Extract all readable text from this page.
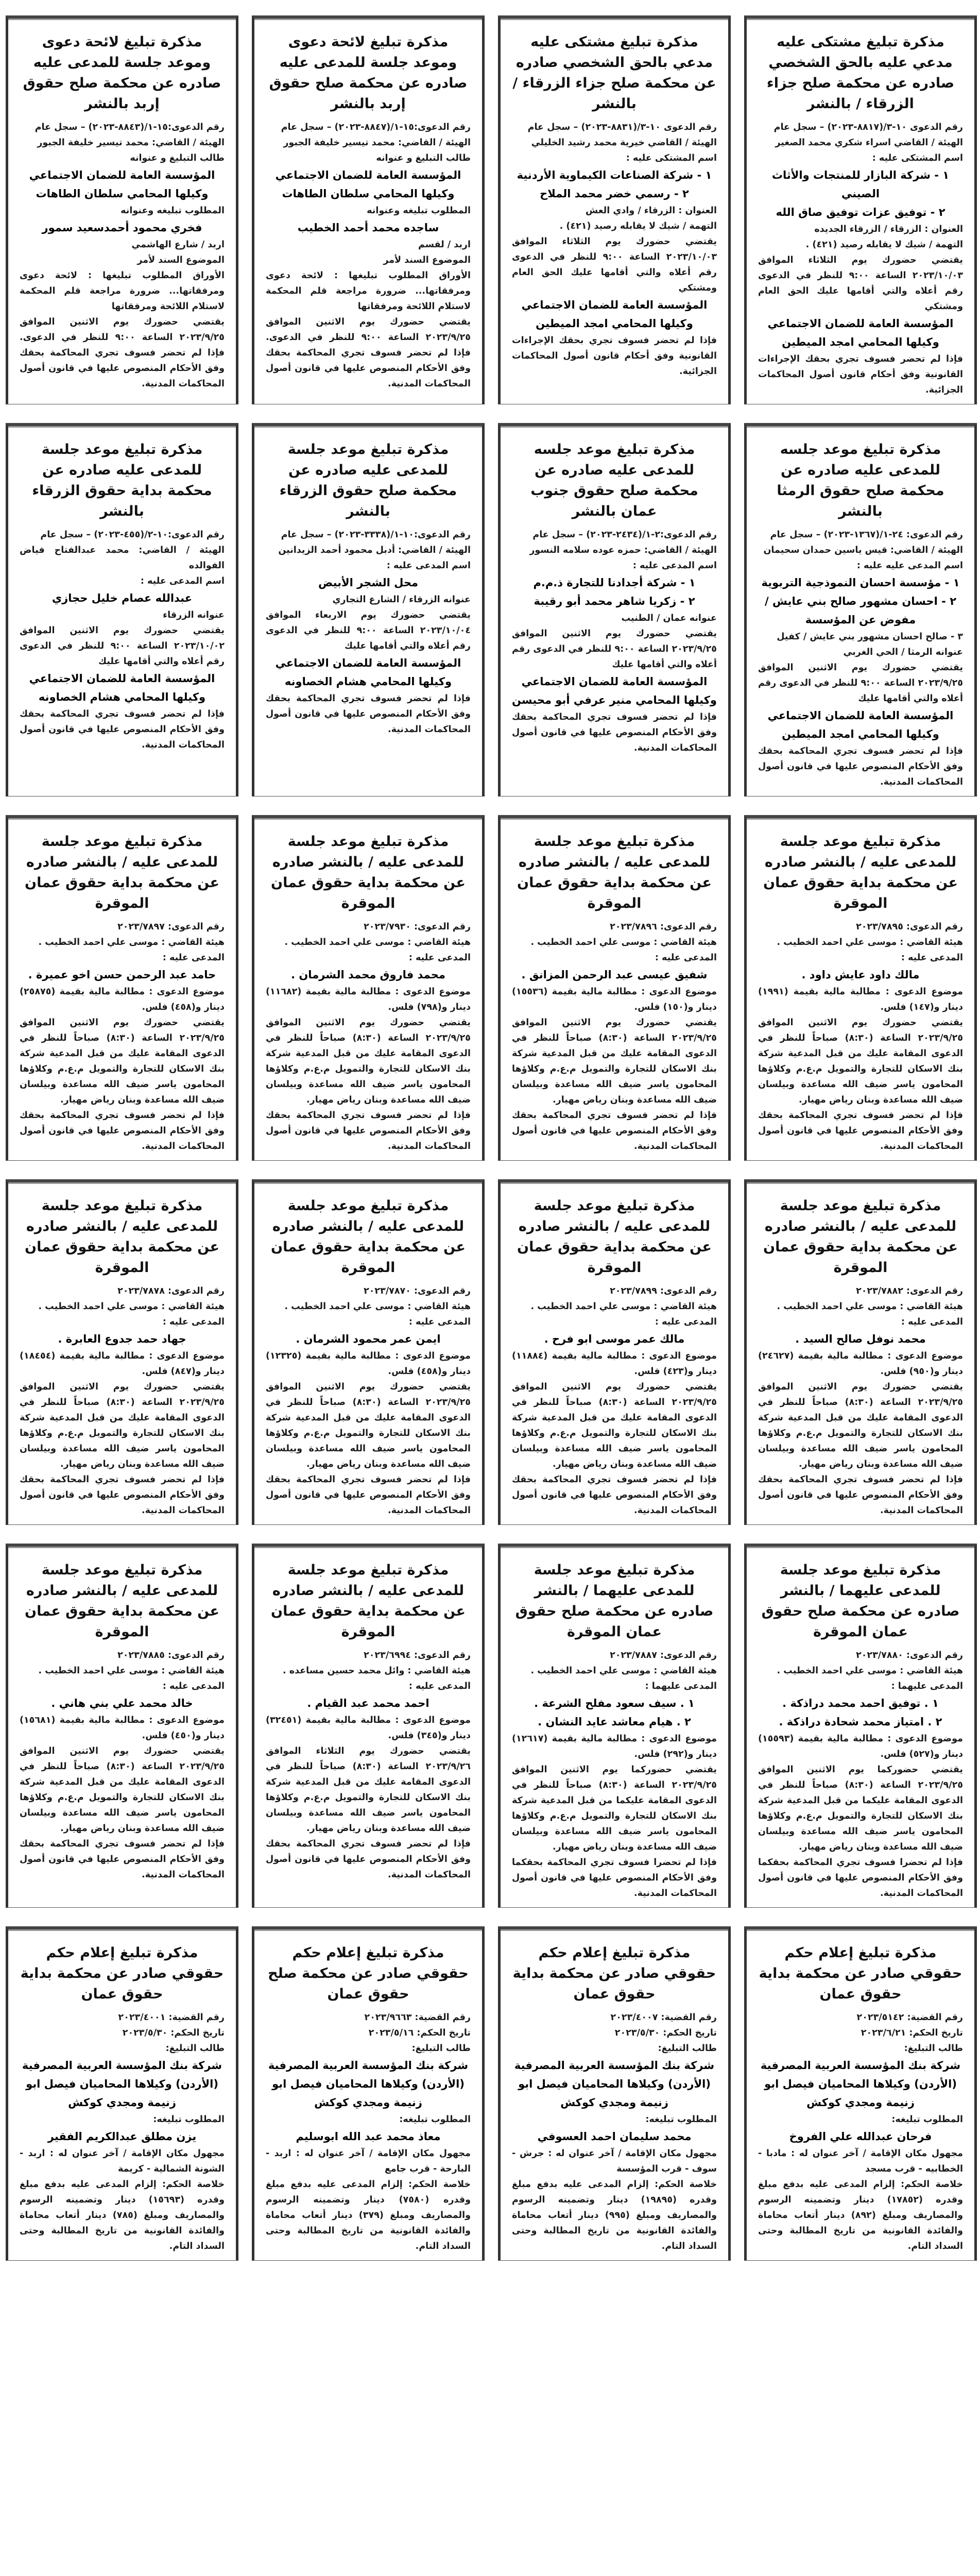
مذكرة تبليغ مشتكى عليه مدعي عليه بالحق الشخصي صادره عن محكمة صلح جزاء الزرقاء / بالنشر
رقم الدعوى ١٠-٣/(٨٨١٧-٢٠٢٣) – سجل عام
الهيئة / القاضي اسراء شكري محمد الصغير
اسم المشتكى عليه :
١ - شركة البازار للمنتجات والأثاث الصيني
٢ - توفيق عزات توفيق صاق الله
العنوان : الزرقاء / الزرقاء الجديده
التهمة / شيك لا يقابله رصيد (٤٢١) .
يقتضي حضورك يوم الثلاثاء الموافق ٢٠٢٣/١٠/٠٣ الساعة ٩:٠٠ للنظر في الدعوى رقم أعلاه والتي أقامها عليك الحق العام ومشتكي
المؤسسة العامة للضمان الاجتماعي وكيلها المحامي امجد الميطين
فإذا لم تحضر فسوف تجري بحقك الإجراءات القانونية وفق أحكام قانون أصول المحاكمات الجزائية.
مذكرة تبليغ مشتكى عليه مدعي بالحق الشخصي صادره عن محكمة صلح جزاء الزرقاء / بالنشر
رقم الدعوى ١٠-٣/(٨٨٣١-٢٠٢٣) – سجل عام
الهيئة / القاضي خيرية محمد رشيد الخليلي
اسم المشتكى عليه :
١ - شركة الصناعات الكيماوية الأردنية
٢ - رسمي خضر محمد الملاح
العنوان : الزرقاء / وادي العش
التهمة / شيك لا يقابله رصيد (٤٢١) .
يقتضي حضورك يوم الثلاثاء الموافق ٢٠٢٣/١٠/٠٣ الساعة ٩:٠٠ للنظر في الدعوى رقم أعلاه والتي أقامها عليك الحق العام ومشتكي
المؤسسة العامة للضمان الاجتماعي وكيلها المحامي امجد الميطين
فإذا لم تحضر فسوف تجري بحقك الإجراءات القانونية وفق أحكام قانون أصول المحاكمات الجزائية.
مذكرة تبليغ لائحة دعوى وموعد جلسة للمدعى عليه صادره عن محكمة صلح حقوق إربد بالنشر
رقم الدعوى:١٥-١/(٨٨٤٧-٢٠٢٣) – سجل عام
الهيئة / القاضي: محمد تيسير خليفة الجبور
طالب التبليغ و عنوانه
المؤسسة العامة للضمان الاجتماعي وكيلها المحامي سلطان الطاهات
المطلوب تبليغه وعنوانه
ساجده محمد أحمد الخطيب
اربد / لقسم
الموضوع السند لأمر
الأوراق المطلوب تبليغها : لائحة دعوى ومرفقاتها... ضرورة مراجعة قلم المحكمة لاستلام اللائحة ومرفقاتها
يقتضي حضورك يوم الاثنين الموافق ٢٠٢٣/٩/٢٥ الساعة ٩:٠٠ للنظر في الدعوى. فإذا لم تحضر فسوف تجري المحاكمة بحقك وفق الأحكام المنصوص عليها في قانون أصول المحاكمات المدنية.
مذكرة تبليغ لائحة دعوى وموعد جلسة للمدعى عليه صادره عن محكمة صلح حقوق إربد بالنشر
رقم الدعوى:١٥-١/(٨٨٤٣-٢٠٢٣) – سجل عام
الهيئة / القاضي: محمد تيسير خليفة الجبور
طالب التبليغ و عنوانه
المؤسسة العامة للضمان الاجتماعي وكيلها المحامي سلطان الطاهات
المطلوب تبليغه وعنوانه
فخري محمود أحمدسعيد سمور
اربد / شارع الهاشمي
الموضوع السند لأمر
الأوراق المطلوب تبليغها : لائحة دعوى ومرفقاتها... ضرورة مراجعة قلم المحكمة لاستلام اللائحة ومرفقاتها
يقتضي حضورك يوم الاثنين الموافق ٢٠٢٣/٩/٢٥ الساعة ٩:٠٠ للنظر في الدعوى. فإذا لم تحضر فسوف تجري المحاكمة بحقك وفق الأحكام المنصوص عليها في قانون أصول المحاكمات المدنية.
مذكرة تبليغ موعد جلسه للمدعى عليه صادره عن محكمة صلح حقوق الرمثا بالنشر
رقم الدعوى: ٢٤-١/(١٣٦٧-٢٠٢٣) – سجل عام
الهيئة / القاضي: قيس ياسين حمدان سحيمان
اسم المدعى عليه عليه :
١ - مؤسسة احسان النموذجية التربوية
٢ - احسان مشهور صالح بني عايش / مفوض عن المؤسسة
٣ - صالح احسان مشهور بني عايش / كفيل
عنوانه الرمثا / الحي الغربي
يقتضي حضورك يوم الاثنين الموافق ٢٠٢٣/٩/٢٥ الساعة ٩:٠٠ للنظر في الدعوى رقم أعلاه والتي أقامها عليك
المؤسسة العامة للضمان الاجتماعي وكيلها المحامي امجد الميطين
فإذا لم تحضر فسوف تجري المحاكمة بحقك وفق الأحكام المنصوص عليها في قانون أصول المحاكمات المدنية.
مذكرة تبليغ موعد جلسه للمدعى عليه صادره عن محكمة صلح حقوق جنوب عمان بالنشر
رقم الدعوى:٢-١/(٢٤٣٤-٢٠٢٣) – سجل عام
الهيئة / القاضي: حمزه عوده سلامه النسور
اسم المدعى عليه :
١ - شركة أجدادنا للتجارة ذ.م.م
٢ - زكريا شاهر محمد أبو رقيبة
عنوانه عمان / الطنيب
يقتضي حضورك يوم الاثنين الموافق ٢٠٢٣/٩/٢٥ الساعة ٩:٠٠ للنظر في الدعوى رقم أعلاه والتي أقامها عليك
المؤسسة العامة للضمان الاجتماعي وكيلها المحامي منير عرفي أبو محيسن
فإذا لم تحضر فسوف تجري المحاكمة بحقك وفق الأحكام المنصوص عليها في قانون أصول المحاكمات المدنية.
مذكرة تبليغ موعد جلسة للمدعى عليه صادره عن محكمة صلح حقوق الزرقاء بالنشر
رقم الدعوى:١٠-١/(٣٣٣٨-٢٠٢٣) – سجل عام
الهيئة / القاضي: أدبل محمود أحمد الزيدانين
اسم المدعى عليه :
محل الشجر الأبيض
عنوانه الزرقاء / الشارع التجاري
يقتضي حضورك يوم الاربعاء الموافق ٢٠٢٣/١٠/٠٤ الساعة ٩:٠٠ للنظر في الدعوى رقم أعلاه والتي أقامها عليك
المؤسسة العامة للضمان الاجتماعي وكيلها المحامي هشام الخصاونه
فإذا لم تحضر فسوف تجري المحاكمة بحقك وفق الأحكام المنصوص عليها في قانون أصول المحاكمات المدنية.
مذكرة تبليغ موعد جلسة للمدعى عليه صادره عن محكمة بداية حقوق الزرقاء بالنشر
رقم الدعوى:١٠-٢/(٤٥٥-٢٠٢٣) – سجل عام
الهيئة / القاضي: محمد عبدالفتاح فياض الفوالده
اسم المدعى عليه :
عبدالله عصام خليل حجازي
عنوانه الزرقاء
يقتضي حضورك يوم الاثنين الموافق ٢٠٢٣/١٠/٠٢ الساعة ٩:٠٠ للنظر في الدعوى رقم أعلاه والتي أقامها عليك
المؤسسة العامة للضمان الاجتماعي وكيلها المحامي هشام الخصاونه
فإذا لم تحضر فسوف تجري المحاكمة بحقك وفق الأحكام المنصوص عليها في قانون أصول المحاكمات المدنية.
مذكرة تبليغ موعد جلسة للمدعى عليه / بالنشر صادره عن محكمة بداية حقوق عمان الموقرة
رقم الدعوى: ٢٠٢٣/٧٨٩٥
هيئة القاضي : موسى علي احمد الخطيب .
المدعى عليه :
مالك داود عايش داود .
موضوع الدعوى : مطالبة مالية بقيمة (١٩٩١) دينار و(١٤٧) فلس.
يقتضي حضورك يوم الاثنين الموافق ٢٠٢٣/٩/٢٥ الساعة (٨:٣٠) صباحاً للنظر في الدعوى المقامة عليك من قبل المدعية شركة بنك الاسكان للتجارة والتمويل م.ع.م وكلاؤها المحامون ياسر ضيف الله مساعدة وبيلسان ضيف الله مساعدة وبنان رياض مهيار.
فإذا لم تحضر فسوف تجري المحاكمة بحقك وفق الأحكام المنصوص عليها في قانون أصول المحاكمات المدنية.
مذكرة تبليغ موعد جلسة للمدعى عليه / بالنشر صادره عن محكمة بداية حقوق عمان الموقرة
رقم الدعوى: ٢٠٢٣/٧٨٩٦
هيئة القاضي : موسى علي احمد الخطيب .
المدعى عليه :
شفيق عيسى عبد الرحمن المزانق .
موضوع الدعوى : مطالبة مالية بقيمة (١٥٥٣٦) دينار و(١٥٠) فلس.
يقتضي حضورك يوم الاثنين الموافق ٢٠٢٣/٩/٢٥ الساعة (٨:٣٠) صباحاً للنظر في الدعوى المقامة عليك من قبل المدعية شركة بنك الاسكان للتجارة والتمويل م.ع.م وكلاؤها المحامون ياسر ضيف الله مساعدة وبيلسان ضيف الله مساعدة وبنان رياض مهيار.
فإذا لم تحضر فسوف تجري المحاكمة بحقك وفق الأحكام المنصوص عليها في قانون أصول المحاكمات المدنية.
مذكرة تبليغ موعد جلسة للمدعى عليه / بالنشر صادره عن محكمة بداية حقوق عمان الموقرة
رقم الدعوى: ٢٠٢٣/٧٩٣٠
هيئة القاضي : موسى علي احمد الخطيب .
المدعى عليه :
محمد فاروق محمد الشرمان .
موضوع الدعوى : مطالبة مالية بقيمة (١١٦٨٢) دينار و(٧٩٨) فلس.
يقتضي حضورك يوم الاثنين الموافق ٢٠٢٣/٩/٢٥ الساعة (٨:٣٠) صباحاً للنظر في الدعوى المقامة عليك من قبل المدعية شركة بنك الاسكان للتجارة والتمويل م.ع.م وكلاؤها المحامون ياسر ضيف الله مساعدة وبيلسان ضيف الله مساعدة وبنان رياض مهيار.
فإذا لم تحضر فسوف تجري المحاكمة بحقك وفق الأحكام المنصوص عليها في قانون أصول المحاكمات المدنية.
مذكرة تبليغ موعد جلسة للمدعى عليه / بالنشر صادره عن محكمة بداية حقوق عمان الموقرة
رقم الدعوى: ٢٠٢٣/٧٨٩٧
هيئة القاضي : موسى علي احمد الخطيب .
المدعى عليه :
حامد عبد الرحمن حسن اخو عميرة .
موضوع الدعوى : مطالبة مالية بقيمة (٢٥٨٧٥) دينار و(٤٥٨) فلس.
يقتضي حضورك يوم الاثنين الموافق ٢٠٢٣/٩/٢٥ الساعة (٨:٣٠) صباحاً للنظر في الدعوى المقامة عليك من قبل المدعية شركة بنك الاسكان للتجارة والتمويل م.ع.م وكلاؤها المحامون ياسر ضيف الله مساعدة وبيلسان ضيف الله مساعدة وبنان رياض مهيار.
فإذا لم تحضر فسوف تجري المحاكمة بحقك وفق الأحكام المنصوص عليها في قانون أصول المحاكمات المدنية.
مذكرة تبليغ موعد جلسة للمدعى عليه / بالنشر صادره عن محكمة بداية حقوق عمان الموقرة
رقم الدعوى: ٢٠٢٣/٧٨٨٢
هيئة القاضي : موسى علي احمد الخطيب .
المدعى عليه :
محمد نوفل صالح السيد .
موضوع الدعوى : مطالبة مالية بقيمة (٢٤٦٢٧) دينار و(٩٥٠) فلس.
يقتضي حضورك يوم الاثنين الموافق ٢٠٢٣/٩/٢٥ الساعة (٨:٣٠) صباحاً للنظر في الدعوى المقامة عليك من قبل المدعية شركة بنك الاسكان للتجارة والتمويل م.ع.م وكلاؤها المحامون ياسر ضيف الله مساعدة وبيلسان ضيف الله مساعدة وبنان رياض مهيار.
فإذا لم تحضر فسوف تجري المحاكمة بحقك وفق الأحكام المنصوص عليها في قانون أصول المحاكمات المدنية.
مذكرة تبليغ موعد جلسة للمدعى عليه / بالنشر صادره عن محكمة بداية حقوق عمان الموقرة
رقم الدعوى: ٢٠٢٣/٧٨٩٩
هيئة القاضي : موسى علي احمد الخطيب .
المدعى عليه :
مالك عمر موسى ابو فرح .
موضوع الدعوى : مطالبة مالية بقيمة (١١٨٨٤) دينار و(٤٢٣) فلس.
يقتضي حضورك يوم الاثنين الموافق ٢٠٢٣/٩/٢٥ الساعة (٨:٣٠) صباحاً للنظر في الدعوى المقامة عليك من قبل المدعية شركة بنك الاسكان للتجارة والتمويل م.ع.م وكلاؤها المحامون ياسر ضيف الله مساعدة وبيلسان ضيف الله مساعدة وبنان رياض مهيار.
فإذا لم تحضر فسوف تجري المحاكمة بحقك وفق الأحكام المنصوص عليها في قانون أصول المحاكمات المدنية.
مذكرة تبليغ موعد جلسة للمدعى عليه / بالنشر صادره عن محكمة بداية حقوق عمان الموقرة
رقم الدعوى: ٢٠٢٣/٧٨٧٠
هيئة القاضي : موسى علي احمد الخطيب .
المدعى عليه :
ايمن عمر محمود الشرمان .
موضوع الدعوى : مطالبة مالية بقيمة (١٢٣٢٥) دينار و(٤٥٨) فلس.
يقتضي حضورك يوم الاثنين الموافق ٢٠٢٣/٩/٢٥ الساعة (٨:٣٠) صباحاً للنظر في الدعوى المقامة عليك من قبل المدعية شركة بنك الاسكان للتجارة والتمويل م.ع.م وكلاؤها المحامون ياسر ضيف الله مساعدة وبيلسان ضيف الله مساعدة وبنان رياض مهيار.
فإذا لم تحضر فسوف تجري المحاكمة بحقك وفق الأحكام المنصوص عليها في قانون أصول المحاكمات المدنية.
مذكرة تبليغ موعد جلسة للمدعى عليه / بالنشر صادره عن محكمة بداية حقوق عمان الموقرة
رقم الدعوى: ٢٠٢٣/٧٨٧٨
هيئة القاضي : موسى علي احمد الخطيب .
المدعى عليه :
جهاد حمد جدوع العابرة .
موضوع الدعوى : مطالبة مالية بقيمة (١٨٤٥٤) دينار و(٨٤٧) فلس.
يقتضي حضورك يوم الاثنين الموافق ٢٠٢٣/٩/٢٥ الساعة (٨:٣٠) صباحاً للنظر في الدعوى المقامة عليك من قبل المدعية شركة بنك الاسكان للتجارة والتمويل م.ع.م وكلاؤها المحامون ياسر ضيف الله مساعدة وبيلسان ضيف الله مساعدة وبنان رياض مهيار.
فإذا لم تحضر فسوف تجري المحاكمة بحقك وفق الأحكام المنصوص عليها في قانون أصول المحاكمات المدنية.
مذكرة تبليغ موعد جلسة للمدعى عليهما / بالنشر صادره عن محكمة صلح حقوق عمان الموقرة
رقم الدعوى: ٢٠٢٣/٧٨٨٠
هيئة القاضي : موسى علي احمد الخطيب .
المدعى عليهما :
١ . توفيق احمد محمد دراذكة .
٢ . امتياز محمد شحادة دراذكة .
موضوع الدعوى : مطالبة مالية بقيمة (١٥٥٩٣) دينار و(٥٢٧) فلس.
يقتضي حضوركما يوم الاثنين الموافق ٢٠٢٣/٩/٢٥ الساعة (٨:٣٠) صباحاً للنظر في الدعوى المقامة عليكما من قبل المدعية شركة بنك الاسكان للتجارة والتمويل م.ع.م وكلاؤها المحامون ياسر ضيف الله مساعدة وبيلسان ضيف الله مساعدة وبنان رياض مهيار.
فإذا لم تحضرا فسوف تجري المحاكمة بحقكما وفق الأحكام المنصوص عليها في قانون أصول المحاكمات المدنية.
مذكرة تبليغ موعد جلسة للمدعى عليهما / بالنشر صادره عن محكمة صلح حقوق عمان الموقرة
رقم الدعوى: ٢٠٢٣/٧٨٨٧
هيئة القاضي : موسى علي احمد الخطيب .
المدعى عليهما :
١ . سيف سعود مفلح الشرعة .
٢ . هيام معاشد عايد النشان .
موضوع الدعوى : مطالبة مالية بقيمة (١٢٦١٧) دينار و(٢٩٢) فلس.
يقتضي حضوركما يوم الاثنين الموافق ٢٠٢٣/٩/٢٥ الساعة (٨:٣٠) صباحاً للنظر في الدعوى المقامة عليكما من قبل المدعية شركة بنك الاسكان للتجارة والتمويل م.ع.م وكلاؤها المحامون ياسر ضيف الله مساعدة وبيلسان ضيف الله مساعدة وبنان رياض مهيار.
فإذا لم تحضرا فسوف تجري المحاكمة بحقكما وفق الأحكام المنصوص عليها في قانون أصول المحاكمات المدنية.
مذكرة تبليغ موعد جلسة للمدعى عليه / بالنشر صادره عن محكمة بداية حقوق عمان الموقرة
رقم الدعوى: ٢٠٢٣/٦٩٩٤
هيئة القاضي : وائل محمد حسين مساعده .
المدعى عليه :
احمد محمد عبد القيام .
موضوع الدعوى : مطالبة مالية بقيمة (٣٢٤٥١) دينار و(٣٤٥) فلس.
يقتضي حضورك يوم الثلاثاء الموافق ٢٠٢٣/٩/٢٦ الساعة (٨:٣٠) صباحاً للنظر في الدعوى المقامة عليك من قبل المدعية شركة بنك الاسكان للتجارة والتمويل م.ع.م وكلاؤها المحامون ياسر ضيف الله مساعدة وبيلسان ضيف الله مساعدة وبنان رياض مهيار.
فإذا لم تحضر فسوف تجري المحاكمة بحقك وفق الأحكام المنصوص عليها في قانون أصول المحاكمات المدنية.
مذكرة تبليغ موعد جلسة للمدعى عليه / بالنشر صادره عن محكمة بداية حقوق عمان الموقرة
رقم الدعوى: ٢٠٢٣/٧٨٨٥
هيئة القاضي : موسى علي احمد الخطيب .
المدعى عليه :
خالد محمد علي بني هاني .
موضوع الدعوى : مطالبة مالية بقيمة (١٥٦٨١) دينار و(٤٥٠) فلس.
يقتضي حضورك يوم الاثنين الموافق ٢٠٢٣/٩/٢٥ الساعة (٨:٣٠) صباحاً للنظر في الدعوى المقامة عليك من قبل المدعية شركة بنك الاسكان للتجارة والتمويل م.ع.م وكلاؤها المحامون ياسر ضيف الله مساعدة وبيلسان ضيف الله مساعدة وبنان رياض مهيار.
فإذا لم تحضر فسوف تجري المحاكمة بحقك وفق الأحكام المنصوص عليها في قانون أصول المحاكمات المدنية.
مذكرة تبليغ إعلام حكم حقوقي صادر عن محكمة بداية حقوق عمان
رقم القضية: ٢٠٢٣/٥١٤٢
تاريخ الحكم: ٢٠٢٣/٦/٢١
طالب التبليغ:
شركة بنك المؤسسة العربية المصرفية (الأردن) وكيلاها المحاميان فيصل ابو زنيمة ومجدي كوكش
المطلوب تبليغه:
فرحان عبدالله علي الفروخ
مجهول مكان الإقامة / آخر عنوان له : مادبا - الخطابيه - قرب مسجد
خلاصة الحكم: إلزام المدعى عليه بدفع مبلغ وقدره (١٧٨٥٢) دينار وتضمينه الرسوم والمصاريف ومبلغ (٨٩٢) دينار أتعاب محاماة والفائدة القانونية من تاريخ المطالبة وحتى السداد التام.
مذكرة تبليغ إعلام حكم حقوقي صادر عن محكمة بداية حقوق عمان
رقم القضية: ٢٠٢٣/٤٠٠٧
تاريخ الحكم: ٢٠٢٣/٥/٣٠
طالب التبليغ:
شركة بنك المؤسسة العربية المصرفية (الأردن) وكيلاها المحاميان فيصل ابو زنيمة ومجدي كوكش
المطلوب تبليغه:
محمد سليمان احمد العسوفي
مجهول مكان الإقامة / آخر عنوان له : جرش - سوف - قرب المؤسسة
خلاصة الحكم: إلزام المدعى عليه بدفع مبلغ وقدره (١٩٨٩٥) دينار وتضمينه الرسوم والمصاريف ومبلغ (٩٩٥) دينار أتعاب محاماة والفائدة القانونية من تاريخ المطالبة وحتى السداد التام.
مذكرة تبليغ إعلام حكم حقوقي صادر عن محكمة صلح حقوق عمان
رقم القضية: ٢٠٢٣/٩٦٦٣
تاريخ الحكم: ٢٠٢٣/٥/١٦
طالب التبليغ:
شركة بنك المؤسسة العربية المصرفية (الأردن) وكيلاها المحاميان فيصل ابو زنيمة ومجدي كوكش
المطلوب تبليغه:
معاذ محمد عبد الله ابوسليم
مجهول مكان الإقامة / آخر عنوان له : اربد - البارحة - قرب جامع
خلاصة الحكم: إلزام المدعى عليه بدفع مبلغ وقدره (٧٥٨٠) دينار وتضمينه الرسوم والمصاريف ومبلغ (٣٧٩) دينار أتعاب محاماة والفائدة القانونية من تاريخ المطالبة وحتى السداد التام.
مذكرة تبليغ إعلام حكم حقوقي صادر عن محكمة بداية حقوق عمان
رقم القضية: ٢٠٢٣/٤٠٠١
تاريخ الحكم: ٢٠٢٣/٥/٣٠
طالب التبليغ:
شركة بنك المؤسسة العربية المصرفية (الأردن) وكيلاها المحاميان فيصل ابو زنيمة ومجدي كوكش
المطلوب تبليغه:
يزن مطلق عبدالكريم الفقير
مجهول مكان الإقامة / آخر عنوان له : اربد - الشونة الشمالية - كريمة
خلاصة الحكم: إلزام المدعى عليه بدفع مبلغ وقدره (١٥٦٩٣) دينار وتضمينه الرسوم والمصاريف ومبلغ (٧٨٥) دينار أتعاب محاماة والفائدة القانونية من تاريخ المطالبة وحتى السداد التام.
